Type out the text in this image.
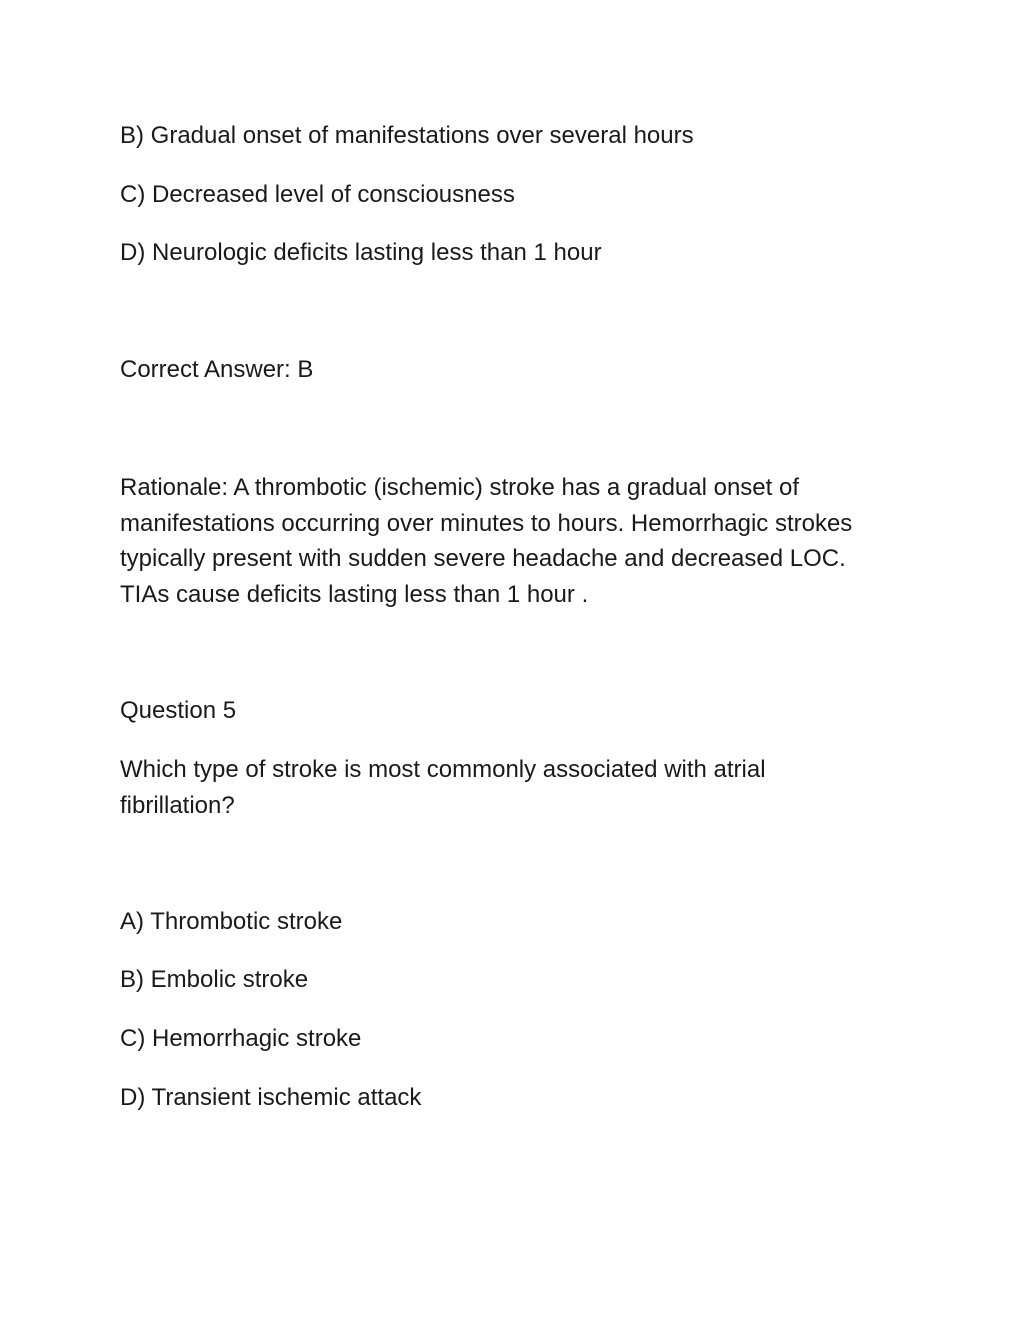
B) Gradual onset of manifestations over several hours

C) Decreased level of consciousness

D) Neurologic deficits lasting less than 1 hour

Correct Answer: B

Rationale: A thrombotic (ischemic) stroke has a gradual onset of
manifestations occurring over minutes to hours. Hemorrhagic strokes
typically present with sudden severe headache and decreased LOC.
TIAs cause deficits lasting less than 1 hour .

Question 5

Which type of stroke is most commonly associated with atrial
fibrillation?

A) Thrombotic stroke

B) Embolic stroke

C) Hemorrhagic stroke

D) Transient ischemic attack
